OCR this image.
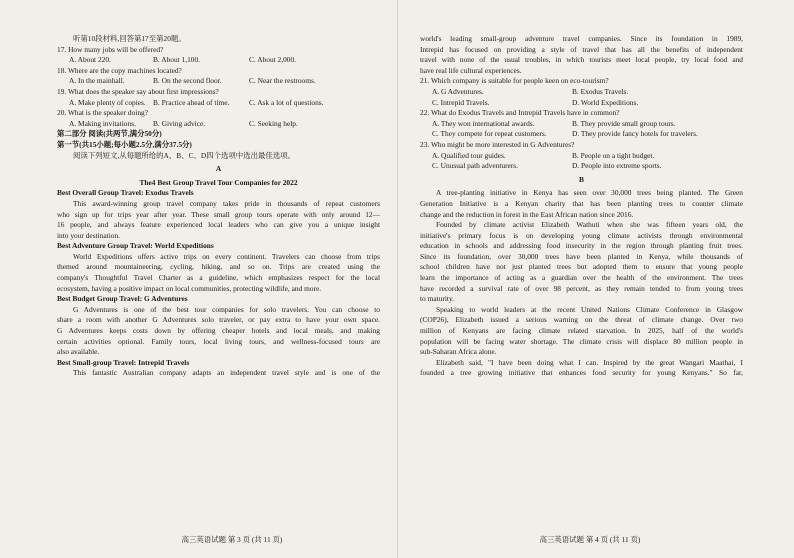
听第10段材料,回答第17至第20题。
17. How many jobs will be offered?
A. About 220.	B. About 1,100.	C. About 2,000.
18. Where are the copy machines located?
A. In the mainhall.	B. On the second floor.	C. Near the restrooms.
19. What does the speaker say about first impressions?
A. Make plenty of copies. B. Practice ahead of time.	C. Ask a lot of questions.
20. What is the speaker doing?
A. Making invitations.	B. Giving advice.	C. Seeking help.
第二部分 阅读(共两节,满分50分)
第一节(共15小题;每小题2.5分,满分37.5分)
阅读下列短文,从每题所给的A、B、C、D四个选项中选出最佳选项。
A
The4 Best Group Travel Tour Companies for 2022
Best Overall Group Travel: Exodus Travels
This award-winning group travel company takes pride in thousands of repeat customers
who sign up for trips year after year. These small group tours operate with only around 12—
16 people, and always feature experienced local leaders who can give you a unique insight
into your destination.
Best Adventure Group Travel: World Expeditions
World Expeditions offers active trips on every continent. Travelers can choose from trips
themed around mountaineering, cycling, hiking, and so on. Trips are created using the
company's Thoughtful Travel Charter as a guideline, which emphasizes respect for the local
ecosystem, having a positive impact on local communities, protecting wildlife, and more.
Best Budget Group Travel: G Adventures
G Adventures is one of the best tour companies for solo travelers. You can choose to
share a room with another G Adventures solo traveler, or pay extra to have your own space.
G Adventures keeps costs down by offering cheaper hotels and local meals, and making
certain activities optional. Family tours, local living tours, and wellness-focused tours are
also available.
Best Small-group Travel: Intrepid Travels
This fantastic Australian company adapts an independent travel style and is one of the
高三英语试题 第 3 页 (共 11 页)
world's leading small-group adventure travel companies. Since its foundation in 1989,
Intrepid has focused on providing a style of travel that has all the benefits of independent
travel with none of the usual troubles, in which tourists meet local people, try local food and
have real life cultural experiences.
21. Which company is suitable for people keen on eco-tourism?
A. G Adventures.	B. Exodus Travels.
C. Intrepid Travels.	D. World Expeditions.
22. What do Exodus Travels and Intrepid Travels have in common?
A. They won international awards.	B. They provide small group tours.
C. They compete for repeat customers.	D. They provide fancy hotels for travelers.
23. Who might be more interested in G Adventures?
A. Qualified tour guides.	B. People on a tight budget.
C. Unusual path adventurers.	D. People into extreme sports.
B
A tree-planting initiative in Kenya has seen over 30,000 trees being planted. The Green
Generation Initiative is a Kenyan charity that has been planting trees to counter climate
change and the reduction in forest in the East African nation since 2016.
Founded by climate activist Elizabeth Wathuti when she was fifteen years old, the
initiative's primary focus is on developing young climate activists through environmental
education in schools and addressing food insecurity in the region through planting fruit trees.
Since its foundation, over 30,000 trees have been planted in Kenya, while thousands of
school children have not just planted trees but adopted them to ensure that young people
learn the importance of acting as a guardian over the health of the environment. The trees
have recorded a survival rate of over 98 percent, as they remain tended to from young trees
to maturity.
Speaking to world leaders at the recent United Nations Climate Conference in Glasgow
(COP26), Elizabeth issued a serious warning on the threat of climate change. Over two
million of Kenyans are facing climate related starvation. In 2025, half of the world's
population will be facing water shortage. The climate crisis will displace 80 million people in
sub-Saharan Africa alone.
Elizabeth said, "I have been doing what I can. Inspired by the great Wangari Maathai, I
founded a tree growing initiative that enhances food security for young Kenyans." So far,
高三英语试题 第 4 页 (共 11 页)
